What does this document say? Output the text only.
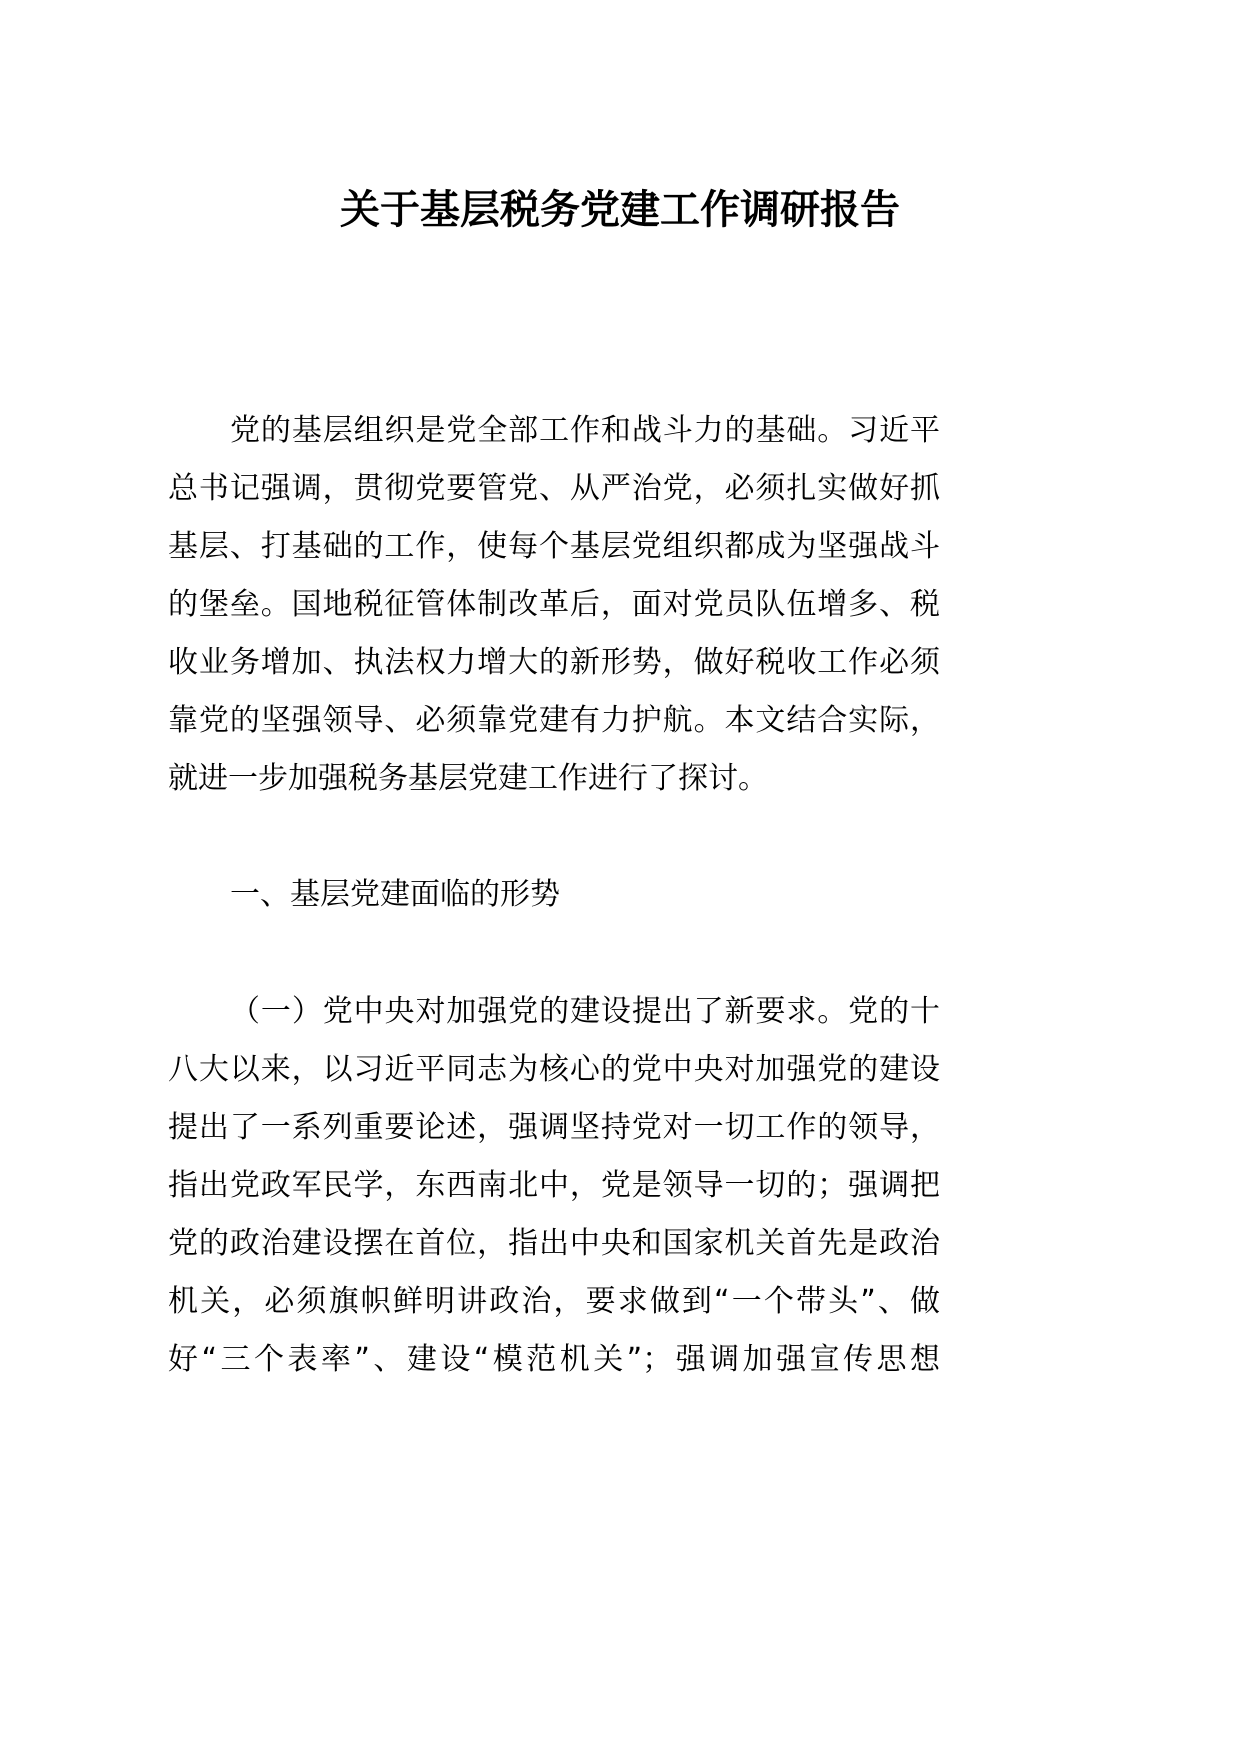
关于基层税务党建工作调研报告
党的基层组织是党全部工作和战斗力的基础。习近平
总书记强调，贯彻党要管党、从严治党，必须扎实做好抓
基层、打基础的工作，使每个基层党组织都成为坚强战斗
的堡垒。国地税征管体制改革后，面对党员队伍增多、税
收业务增加、执法权力增大的新形势，做好税收工作必须
靠党的坚强领导、必须靠党建有力护航。本文结合实际，
就进一步加强税务基层党建工作进行了探讨。
一、基层党建面临的形势
（一）党中央对加强党的建设提出了新要求。党的十
八大以来，以习近平同志为核心的党中央对加强党的建设
提出了一系列重要论述，强调坚持党对一切工作的领导，
指出党政军民学，东西南北中，党是领导一切的；强调把
党的政治建设摆在首位，指出中央和国家机关首先是政治
机关，必须旗帜鲜明讲政治，要求做到“一个带头”、做
好“三个表率”、建设“模范机关”；强调加强宣传思想
